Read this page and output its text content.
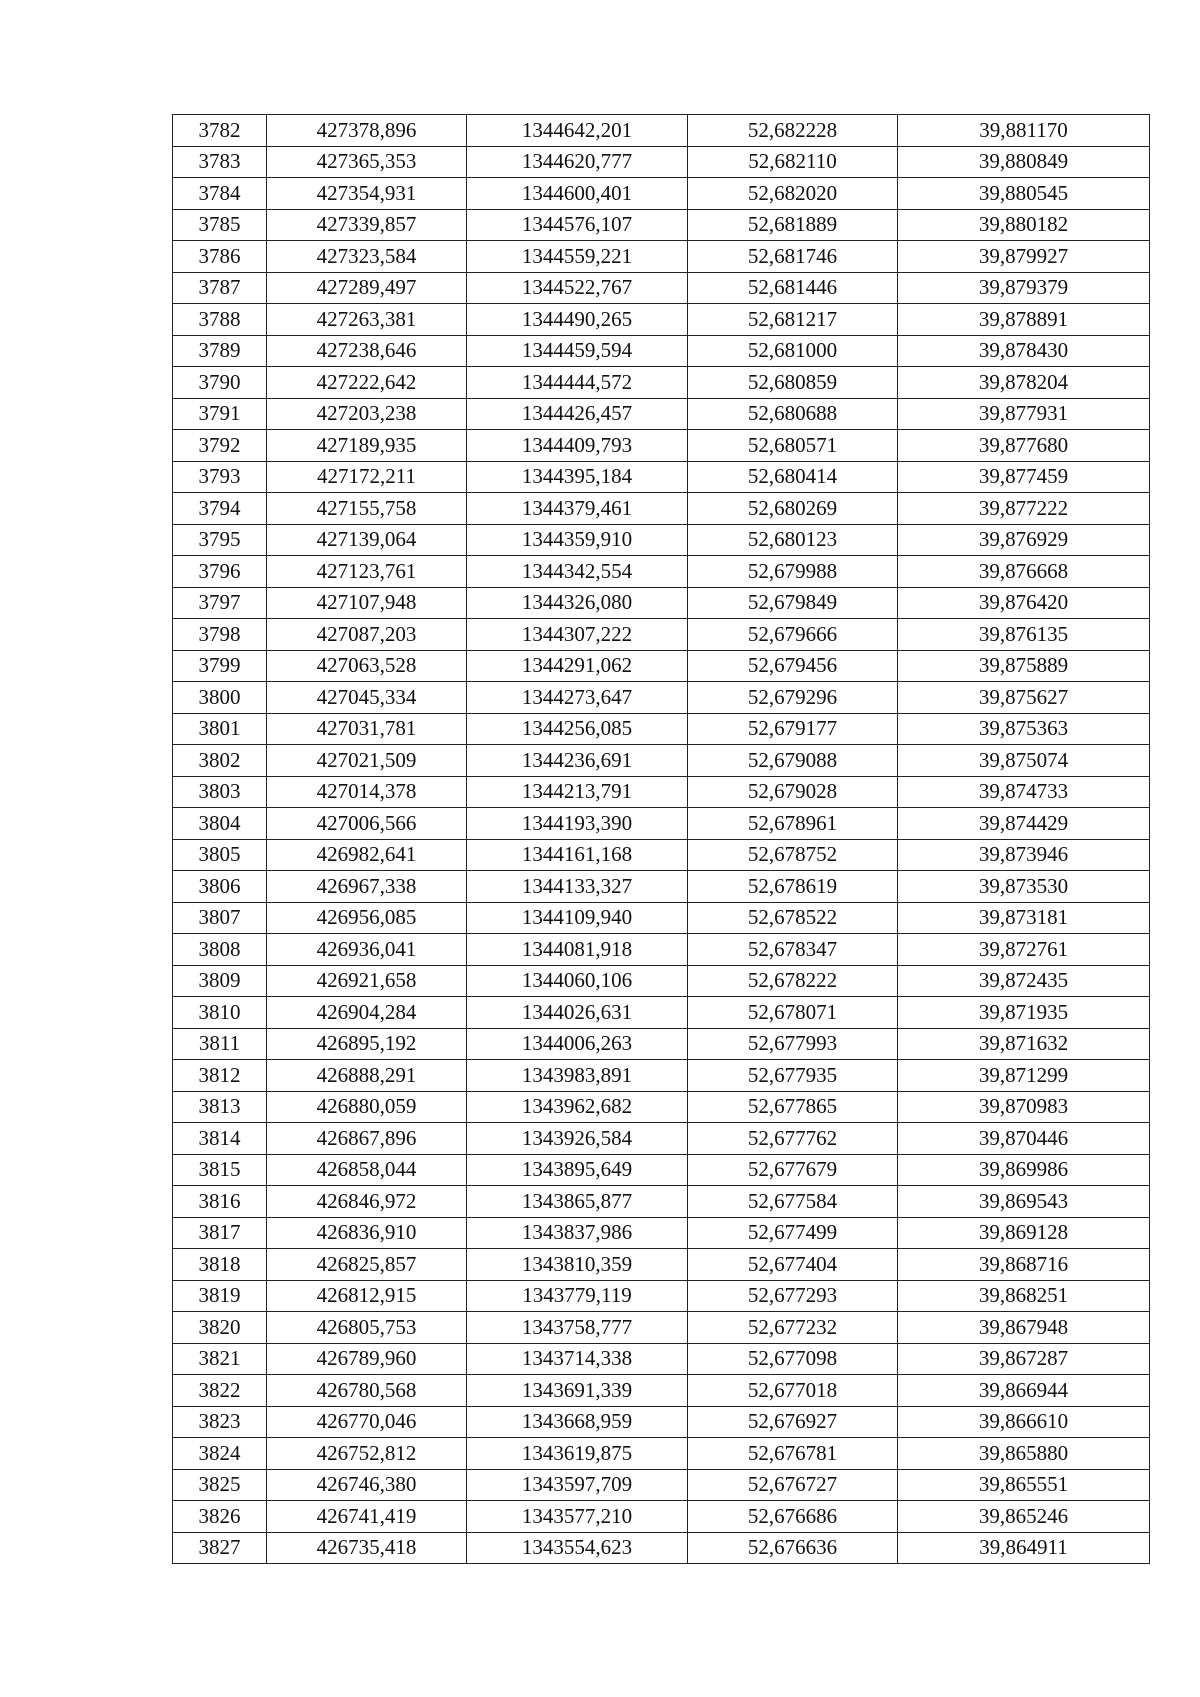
3782	427378,896	1344642,201	52,682228	39,881170
3783	427365,353	1344620,777	52,682110	39,880849
3784	427354,931	1344600,401	52,682020	39,880545
3785	427339,857	1344576,107	52,681889	39,880182
3786	427323,584	1344559,221	52,681746	39,879927
3787	427289,497	1344522,767	52,681446	39,879379
3788	427263,381	1344490,265	52,681217	39,878891
3789	427238,646	1344459,594	52,681000	39,878430
3790	427222,642	1344444,572	52,680859	39,878204
3791	427203,238	1344426,457	52,680688	39,877931
3792	427189,935	1344409,793	52,680571	39,877680
3793	427172,211	1344395,184	52,680414	39,877459
3794	427155,758	1344379,461	52,680269	39,877222
3795	427139,064	1344359,910	52,680123	39,876929
3796	427123,761	1344342,554	52,679988	39,876668
3797	427107,948	1344326,080	52,679849	39,876420
3798	427087,203	1344307,222	52,679666	39,876135
3799	427063,528	1344291,062	52,679456	39,875889
3800	427045,334	1344273,647	52,679296	39,875627
3801	427031,781	1344256,085	52,679177	39,875363
3802	427021,509	1344236,691	52,679088	39,875074
3803	427014,378	1344213,791	52,679028	39,874733
3804	427006,566	1344193,390	52,678961	39,874429
3805	426982,641	1344161,168	52,678752	39,873946
3806	426967,338	1344133,327	52,678619	39,873530
3807	426956,085	1344109,940	52,678522	39,873181
3808	426936,041	1344081,918	52,678347	39,872761
3809	426921,658	1344060,106	52,678222	39,872435
3810	426904,284	1344026,631	52,678071	39,871935
3811	426895,192	1344006,263	52,677993	39,871632
3812	426888,291	1343983,891	52,677935	39,871299
3813	426880,059	1343962,682	52,677865	39,870983
3814	426867,896	1343926,584	52,677762	39,870446
3815	426858,044	1343895,649	52,677679	39,869986
3816	426846,972	1343865,877	52,677584	39,869543
3817	426836,910	1343837,986	52,677499	39,869128
3818	426825,857	1343810,359	52,677404	39,868716
3819	426812,915	1343779,119	52,677293	39,868251
3820	426805,753	1343758,777	52,677232	39,867948
3821	426789,960	1343714,338	52,677098	39,867287
3822	426780,568	1343691,339	52,677018	39,866944
3823	426770,046	1343668,959	52,676927	39,866610
3824	426752,812	1343619,875	52,676781	39,865880
3825	426746,380	1343597,709	52,676727	39,865551
3826	426741,419	1343577,210	52,676686	39,865246
3827	426735,418	1343554,623	52,676636	39,864911
